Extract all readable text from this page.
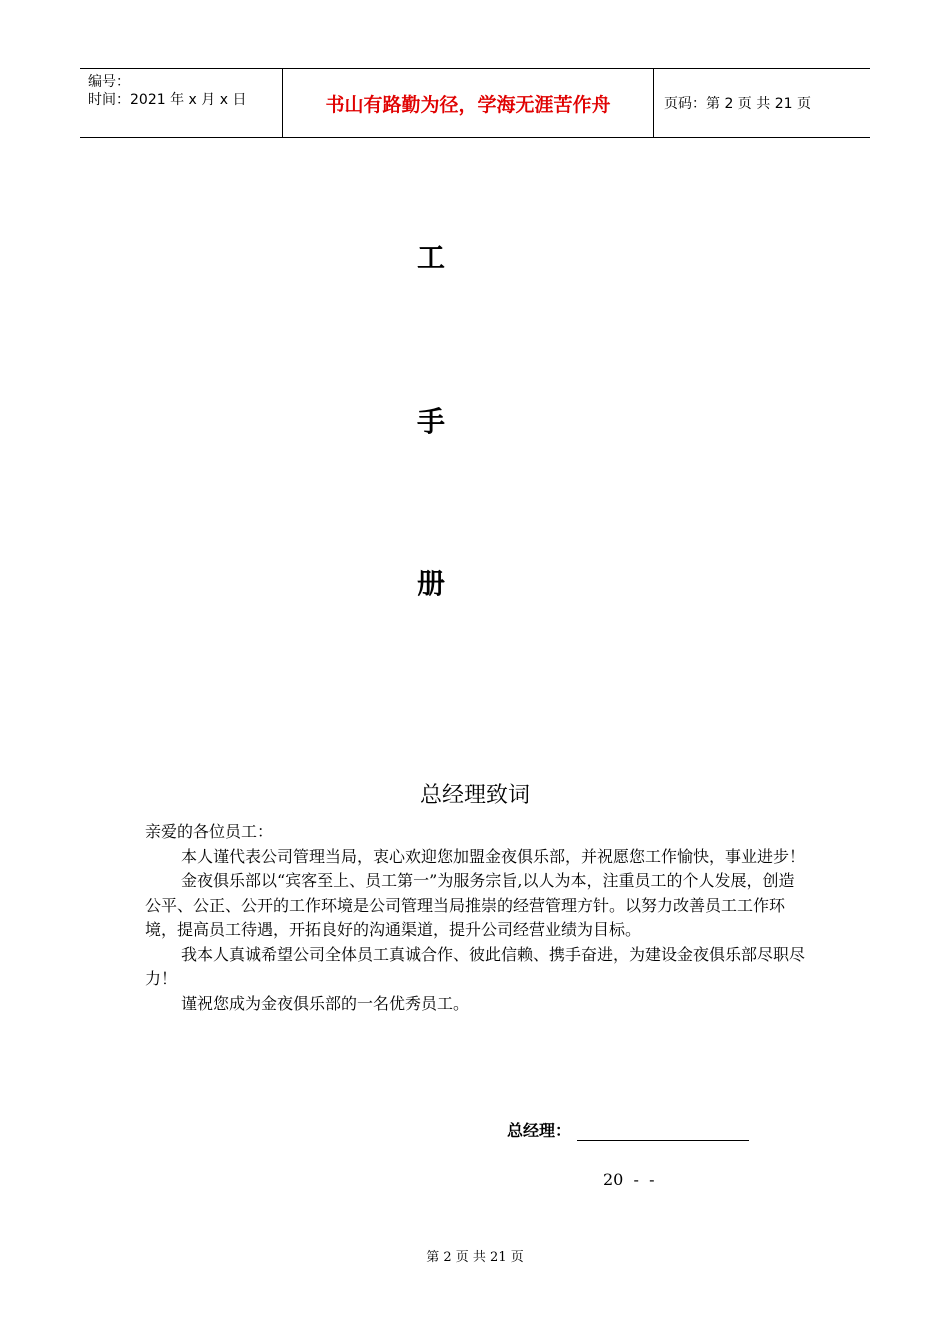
编号：
时间：2021 年 x 月 x 日	书山有路勤为径，学海无涯苦作舟	页码：第 2 页 共 21 页
工
手
册
总经理致词

亲爱的各位员工：

本人谨代表公司管理当局，衷心欢迎您加盟金夜俱乐部，并祝愿您工作愉快，事业进步！

金夜俱乐部以“宾客至上、员工第一”为服务宗旨,以人为本，注重员工的个人发展，创造公平、公正、公开的工作环境是公司管理当局推崇的经营管理方针。以努力改善员工工作环境，提高员工待遇，开拓良好的沟通渠道，提升公司经营业绩为目标。

我本人真诚希望公司全体员工真诚合作、彼此信赖、携手奋进，为建设金夜俱乐部尽职尽力！

谨祝您成为金夜俱乐部的一名优秀员工。

总经理：
20  -  -
第 2 页 共 21 页
